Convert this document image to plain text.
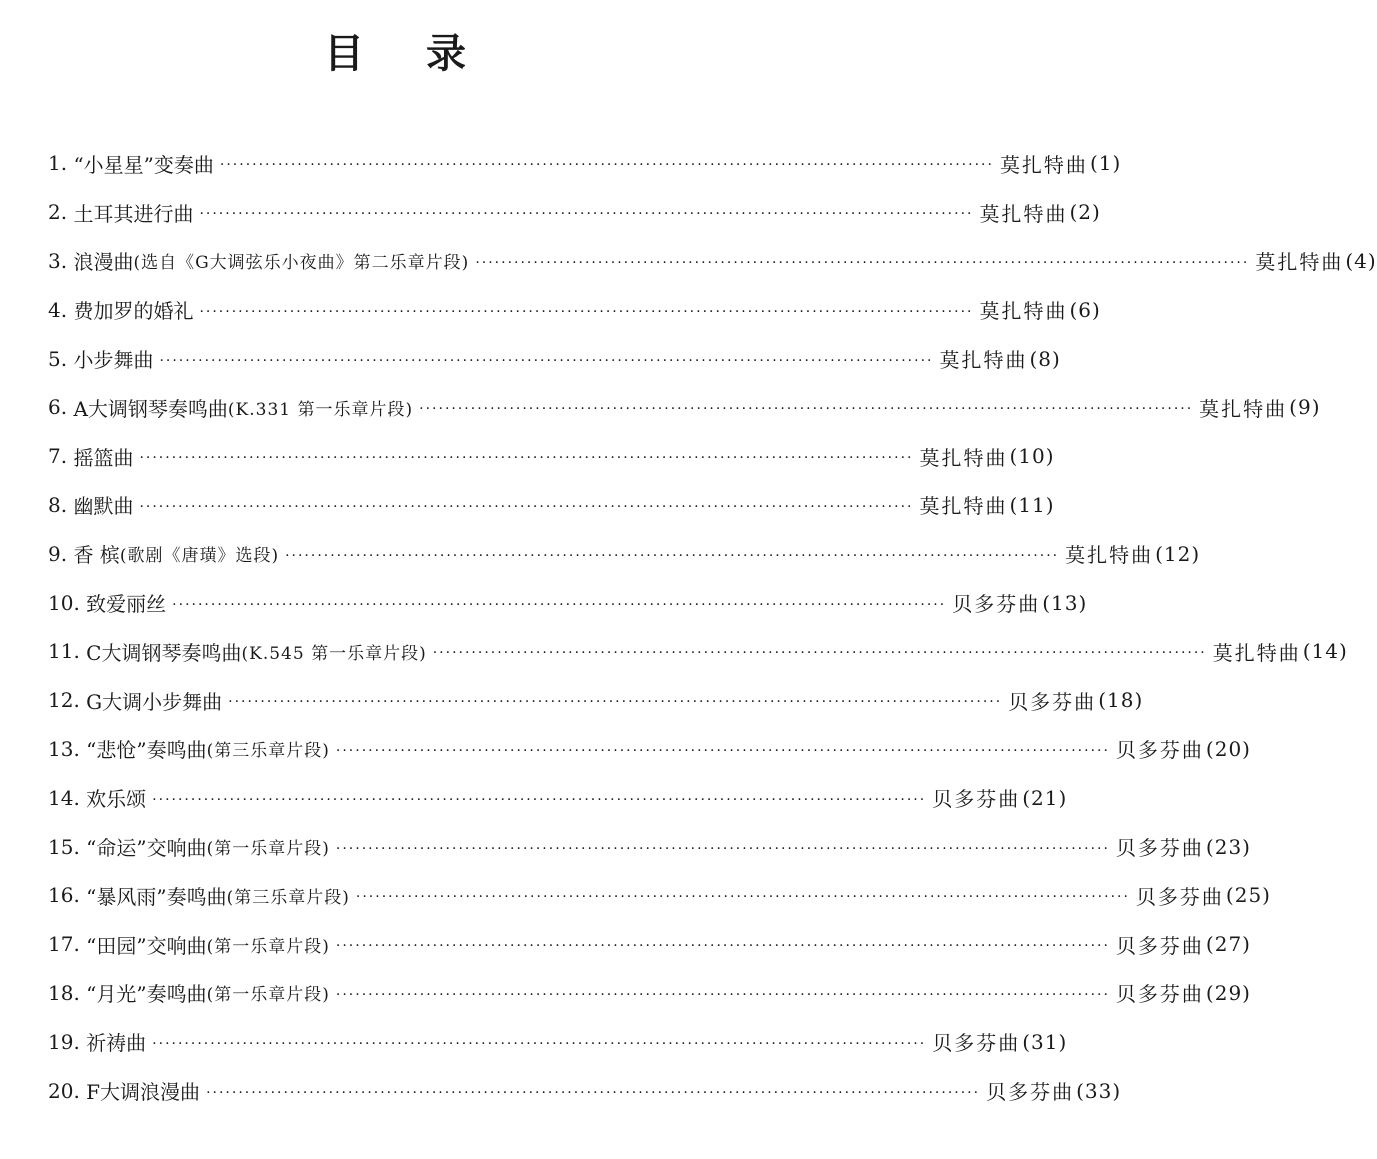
目 录
1.
“小星星”变奏曲 ························································································································ 莫扎特曲 (1)
2.
土耳其进行曲 ························································································································ 莫扎特曲 (2)
3.
浪漫曲 (选自《G大调弦乐小夜曲》第二乐章片段) ························································································································ 莫扎特曲 (4)
4.
费加罗的婚礼 ························································································································ 莫扎特曲 (6)
5.
小步舞曲 ························································································································ 莫扎特曲 (8)
6.
A大调钢琴奏鸣曲 (K.331 第一乐章片段) ························································································································ 莫扎特曲 (9)
7.
摇篮曲 ························································································································ 莫扎特曲 (10)
8.
幽默曲 ························································································································ 莫扎特曲 (11)
9.
香 槟 (歌剧《唐璜》选段) ························································································································ 莫扎特曲 (12)
10.
致爱丽丝 ························································································································ 贝多芬曲 (13)
11.
C大调钢琴奏鸣曲 (K.545 第一乐章片段) ························································································································ 莫扎特曲 (14)
12.
G大调小步舞曲 ························································································································ 贝多芬曲 (18)
13.
“悲怆”奏鸣曲 (第三乐章片段) ························································································································ 贝多芬曲 (20)
14.
欢乐颂 ························································································································ 贝多芬曲 (21)
15.
“命运”交响曲 (第一乐章片段) ························································································································ 贝多芬曲 (23)
16.
“暴风雨”奏鸣曲 (第三乐章片段) ························································································································ 贝多芬曲 (25)
17.
“田园”交响曲 (第一乐章片段) ························································································································ 贝多芬曲 (27)
18.
“月光”奏鸣曲 (第一乐章片段) ························································································································ 贝多芬曲 (29)
19.
祈祷曲 ························································································································ 贝多芬曲 (31)
20.
F大调浪漫曲 ························································································································ 贝多芬曲 (33)
